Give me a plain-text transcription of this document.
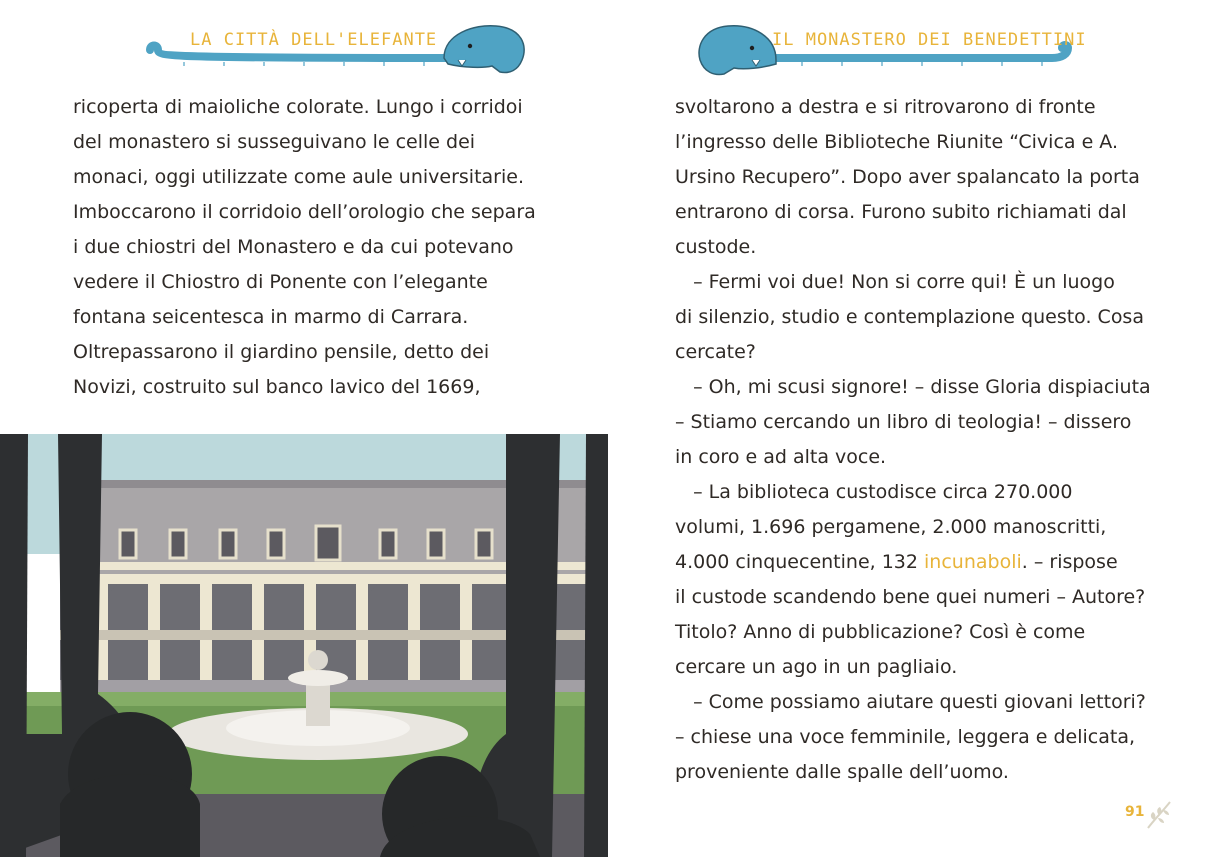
LA CITTÀ DELL'ELEFANTE

ricoperta di maioliche colorate. Lungo i corridoi

del monastero si susseguivano le celle dei

monaci, oggi utilizzate come aule universitarie.

Imboccarono il corridoio dell’orologio che separa

i due chiostri del Monastero e da cui potevano

vedere il Chiostro di Ponente con l’elegante

fontana seicentesca in marmo di Carrara.

Oltrepassarono il giardino pensile, detto dei

Novizi, costruito sul banco lavico del 1669,

IL MONASTERO DEI BENEDETTINI

svoltarono a destra e si ritrovarono di fronte

l’ingresso delle Biblioteche Riunite “Civica e A.

Ursino Recupero”. Dopo aver spalancato la porta

entrarono di corsa. Furono subito richiamati dal

custode.

– Fermi voi due! Non si corre qui! È un luogo

di silenzio, studio e contemplazione questo. Cosa

cercate?

– Oh, mi scusi signore! – disse Gloria dispiaciuta

– Stiamo cercando un libro di teologia! – dissero

in coro e ad alta voce.

– La biblioteca custodisce circa 270.000

volumi, 1.696 pergamene, 2.000 manoscritti,

4.000 cinquecentine, 132 incunaboli. – rispose

il custode scandendo bene quei numeri – Autore?

Titolo? Anno di pubblicazione? Così è come

cercare un ago in un pagliaio.

– Come possiamo aiutare questi giovani lettori?

– chiese una voce femminile, leggera e delicata,

proveniente dalle spalle dell’uomo.

91
